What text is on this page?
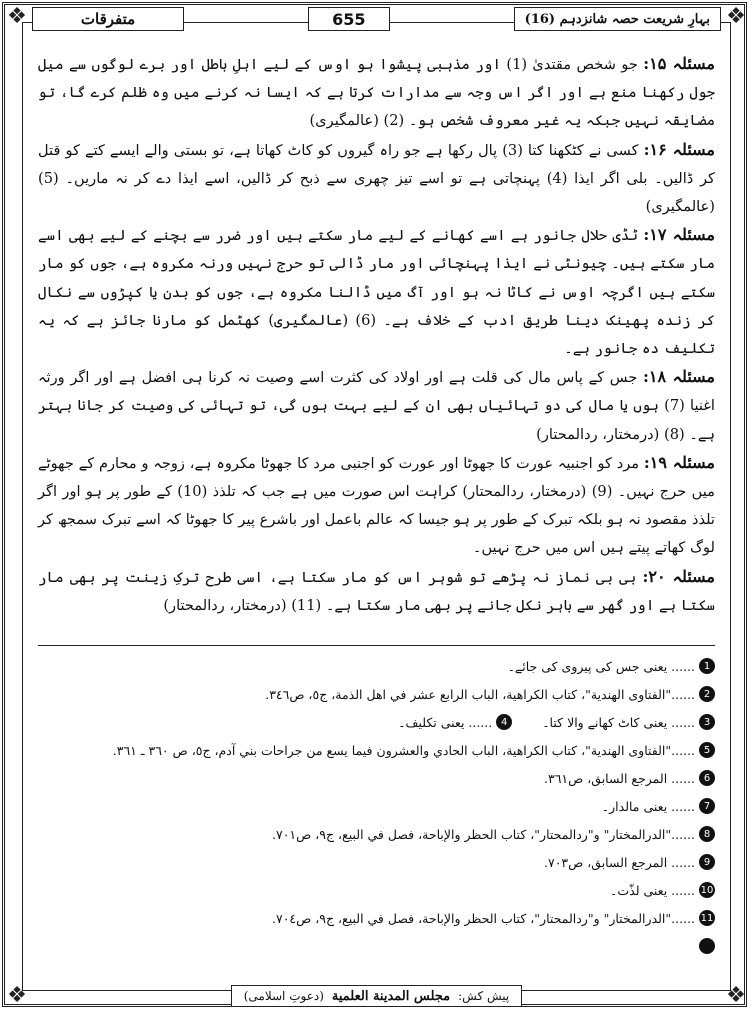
❖	❖
❖	❖
بہارِ شریعت حصہ شانزدہم (16)
655
متفرقات

مسئلہ ۱۵: جو شخص مقتدیٰ (1) اور مذہبی پیشوا ہو اوس کے لیے اہلِ باطل اور برے لوگوں سے میل جول رکھنا منع ہے اور اگر اس وجہ سے مدارات کرتا ہے کہ ایسا نہ کرنے میں وہ ظلم کرے گا، تو مضایقہ نہیں جبکہ یہ غیر معروف شخص ہو۔ (2) (عالمگیری)

مسئلہ ۱۶: کسی نے کٹکھنا کتا (3) پال رکھا ہے جو راہ گیروں کو کاٹ کھاتا ہے، تو بستی والے ایسے کتے کو قتل کر ڈالیں۔ بلی اگر ایذا (4) پہنچاتی ہے تو اسے تیز چھری سے ذبح کر ڈالیں، اسے ایذا دے کر نہ ماریں۔ (5) (عالمگیری)

مسئلہ ۱۷: ٹڈی حلال جانور ہے اسے کھانے کے لیے مار سکتے ہیں اور ضرر سے بچنے کے لیے بھی اسے مار سکتے ہیں۔ چیونٹی نے ایذا پہنچائی اور مار ڈالی تو حرج نہیں ورنہ مکروہ ہے، جوں کو مار سکتے ہیں اگرچہ اوس نے کاٹا نہ ہو اور آگ میں ڈالنا مکروہ ہے، جوں کو بدن یا کپڑوں سے نکال کر زندہ پھینک دینا طریق ادب کے خلاف ہے۔ (6) (عالمگیری) کھٹمل کو مارنا جائز ہے کہ یہ تکلیف دہ جانور ہے۔

مسئلہ ۱۸: جس کے پاس مال کی قلت ہے اور اولاد کی کثرت اسے وصیت نہ کرنا ہی افضل ہے اور اگر ورثہ اغنیا (7) ہوں یا مال کی دو تہائیاں بھی ان کے لیے بہت ہوں گی، تو تہائی کی وصیت کر جانا بہتر ہے۔ (8) (درمختار، ردالمحتار)

مسئلہ ۱۹: مرد کو اجنبیہ عورت کا جھوٹا اور عورت کو اجنبی مرد کا جھوٹا مکروہ ہے، زوجہ و محارم کے جھوٹے میں حرج نہیں۔ (9) (درمختار، ردالمحتار) کراہت اس صورت میں ہے جب کہ تلذذ (10) کے طور پر ہو اور اگر تلذذ مقصود نہ ہو بلکہ تبرک کے طور پر ہو جیسا کہ عالم باعمل اور باشرع پیر کا جھوٹا کہ اسے تبرک سمجھ کر لوگ کھاتے پیتے ہیں اس میں حرج نہیں۔

مسئلہ ۲۰: بی بی نماز نہ پڑھے تو شوہر اس کو مار سکتا ہے، اسی طرح ترکِ زینت پر بھی مار سکتا ہے اور گھر سے باہر نکل جانے پر بھی مار سکتا ہے۔ (11) (درمختار، ردالمحتار)

1
...... یعنی جس کی پیروی کی جائے۔
2
......"الفتاوی الهندية"، كتاب الكراهية، الباب الرابع عشر في اهل الذمة، ج٥، ص٣٤٦.
3
...... یعنی کاٹ کھانے والا کتا۔
4
...... یعنی تکلیف۔
5
......"الفتاوی الهندية"، كتاب الكراهية، الباب الحادي والعشرون فيما يسع من جراحات بني آدم، ج٥، ص ٣٦٠ ـ ٣٦١.
6
...... المرجع السابق، ص٣٦١.
7
...... یعنی مالدار۔
8
......"الدرالمختار" و"ردالمحتار"، كتاب الحظر والإباحة، فصل في البيع، ج٩، ص٧٠١.
9
...... المرجع السابق، ص٧٠٣.
10
...... یعنی لذّت۔
11
......"الدرالمختار" و"ردالمحتار"، كتاب الحظر والإباحة، فصل في البيع، ج٩، ص٧٠٤.
پیش کش:
مجلس المدينة العلمية
(دعوتِ اسلامی)
